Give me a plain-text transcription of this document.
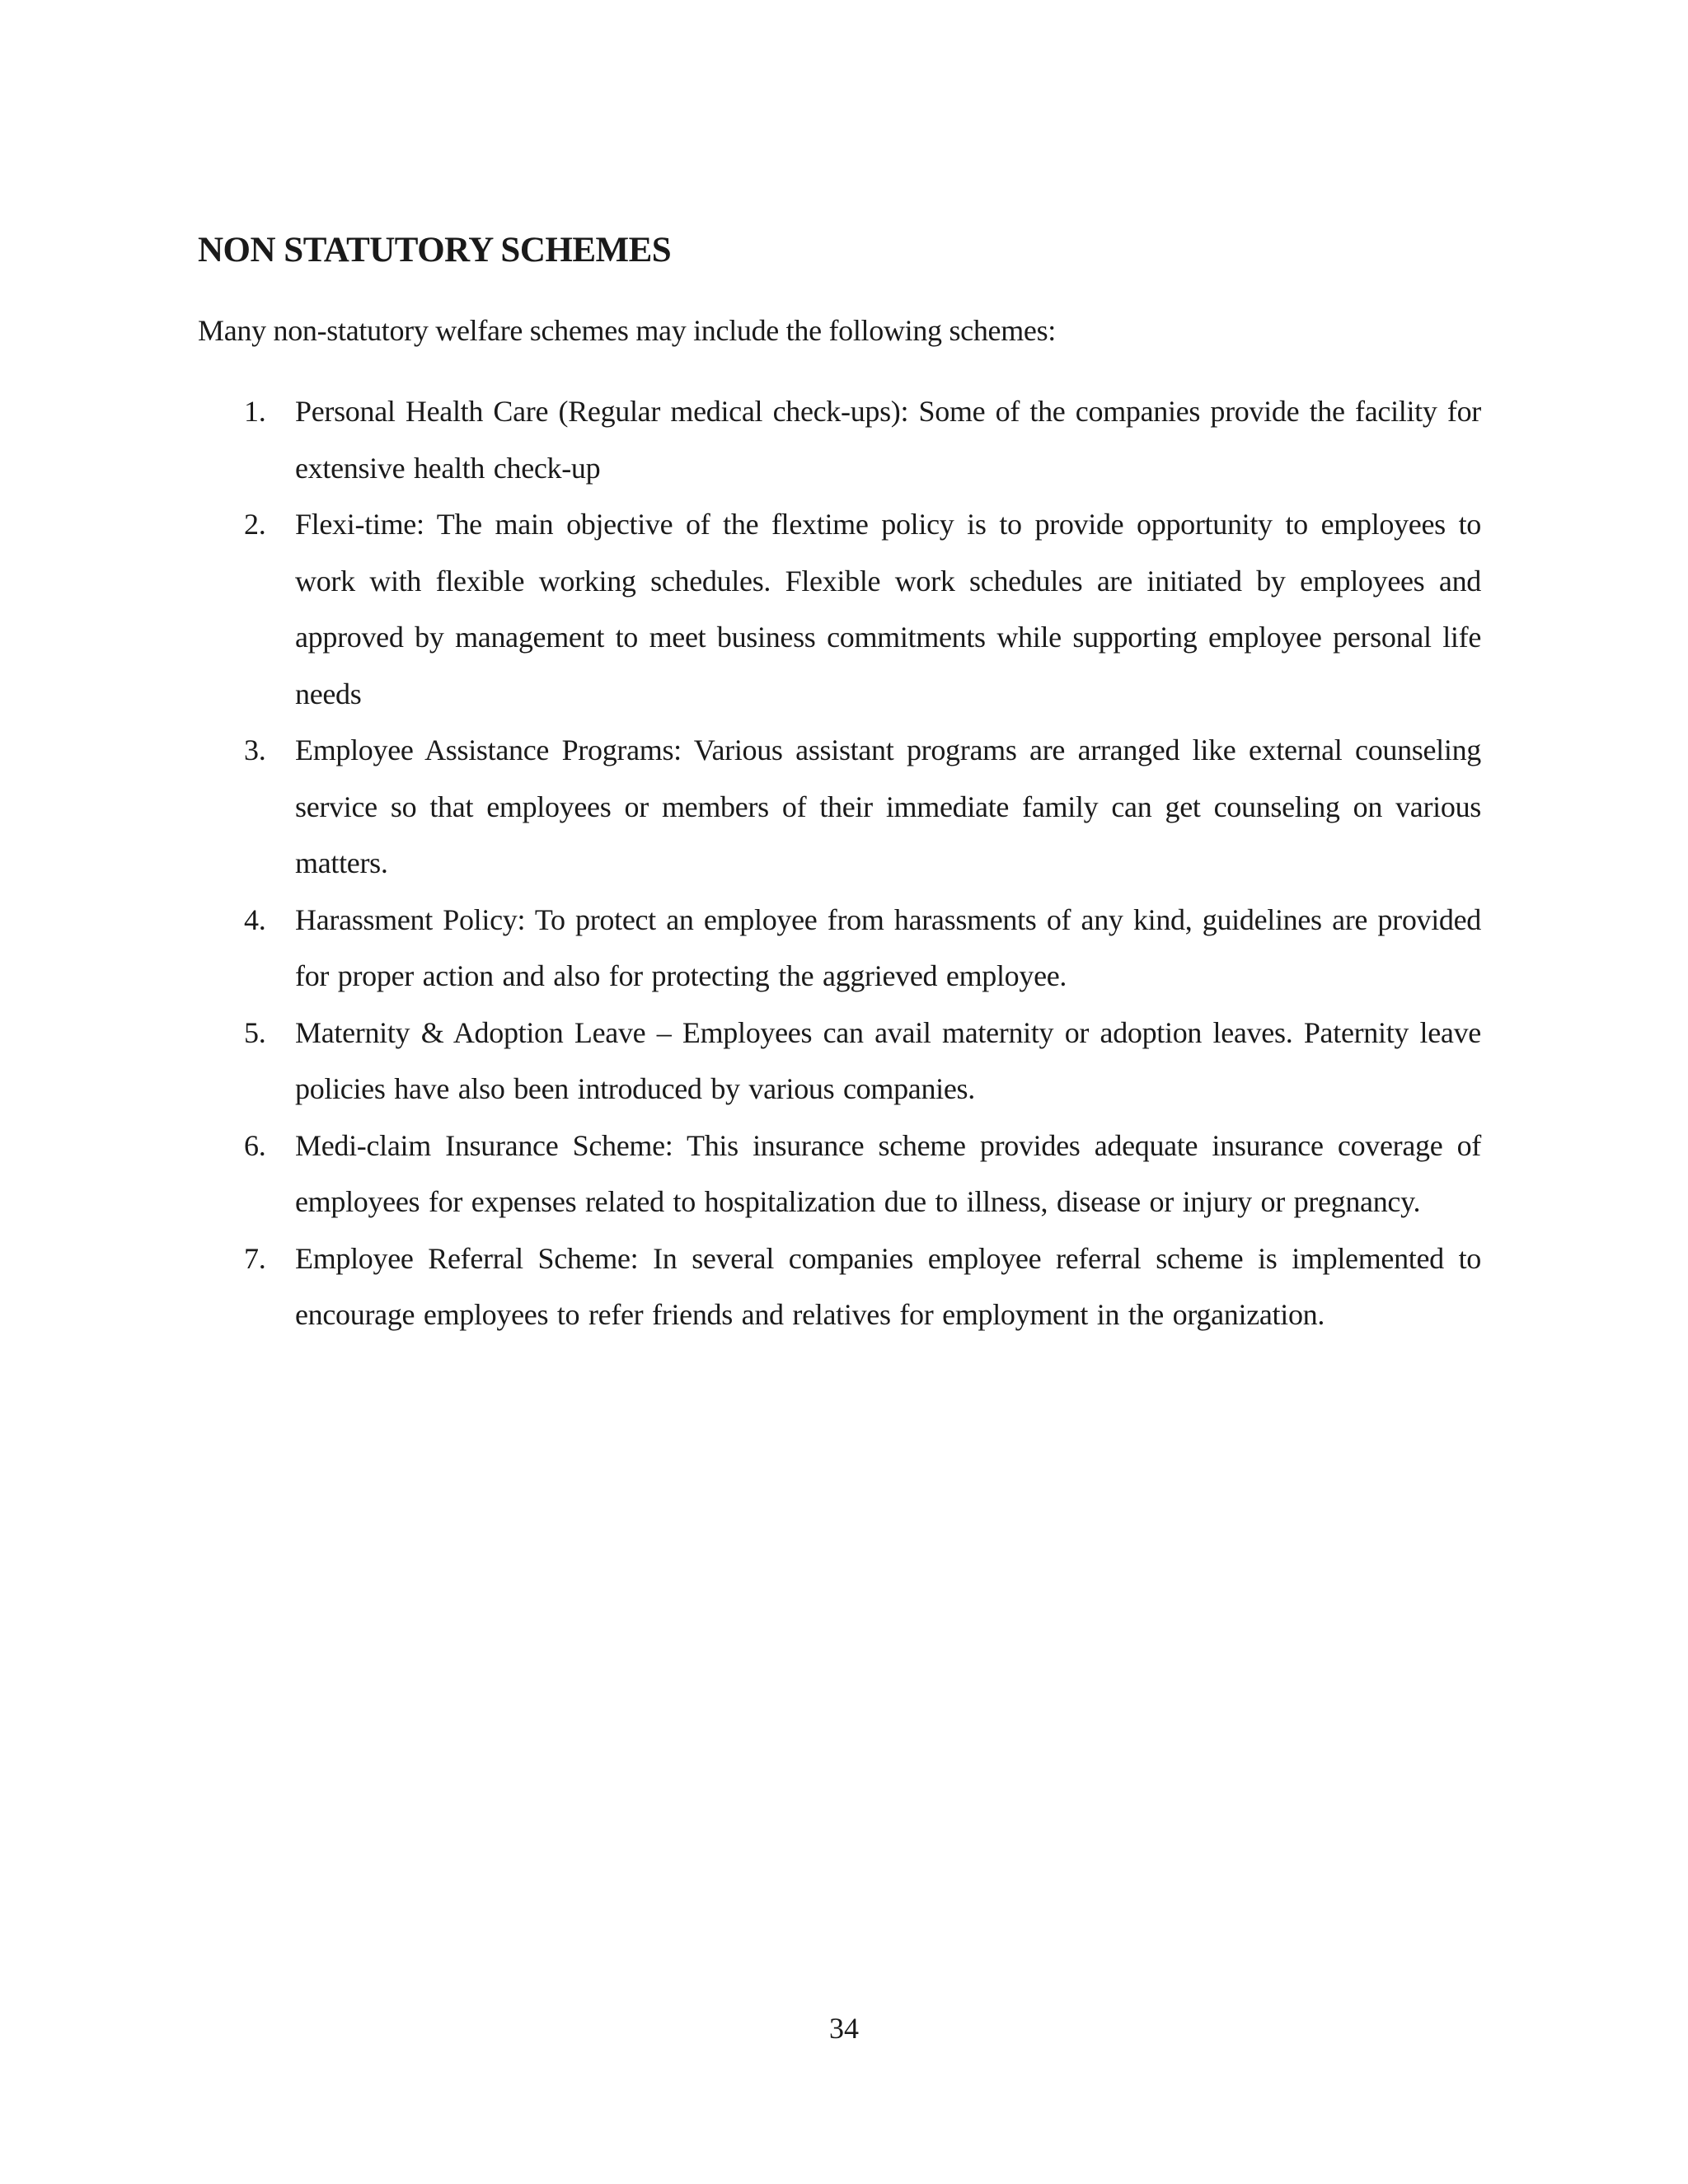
NON STATUTORY SCHEMES

Many non-statutory welfare schemes may include the following schemes:

1. Personal Health Care (Regular medical check-ups): Some of the companies provide the facility for extensive health check-up
2. Flexi-time: The main objective of the flextime policy is to provide opportunity to employees to work with flexible working schedules. Flexible work schedules are initiated by employees and approved by management to meet business commitments while supporting employee personal life needs
3. Employee Assistance Programs: Various assistant programs are arranged like external counseling service so that employees or members of their immediate family can get counseling on various matters.
4. Harassment Policy: To protect an employee from harassments of any kind, guidelines are provided for proper action and also for protecting the aggrieved employee.
5. Maternity & Adoption Leave – Employees can avail maternity or adoption leaves. Paternity leave policies have also been introduced by various companies.
6. Medi-claim Insurance Scheme: This insurance scheme provides adequate insurance coverage of employees for expenses related to hospitalization due to illness, disease or injury or pregnancy.
7. Employee Referral Scheme: In several companies employee referral scheme is implemented to encourage employees to refer friends and relatives for employment in the organization.
34
